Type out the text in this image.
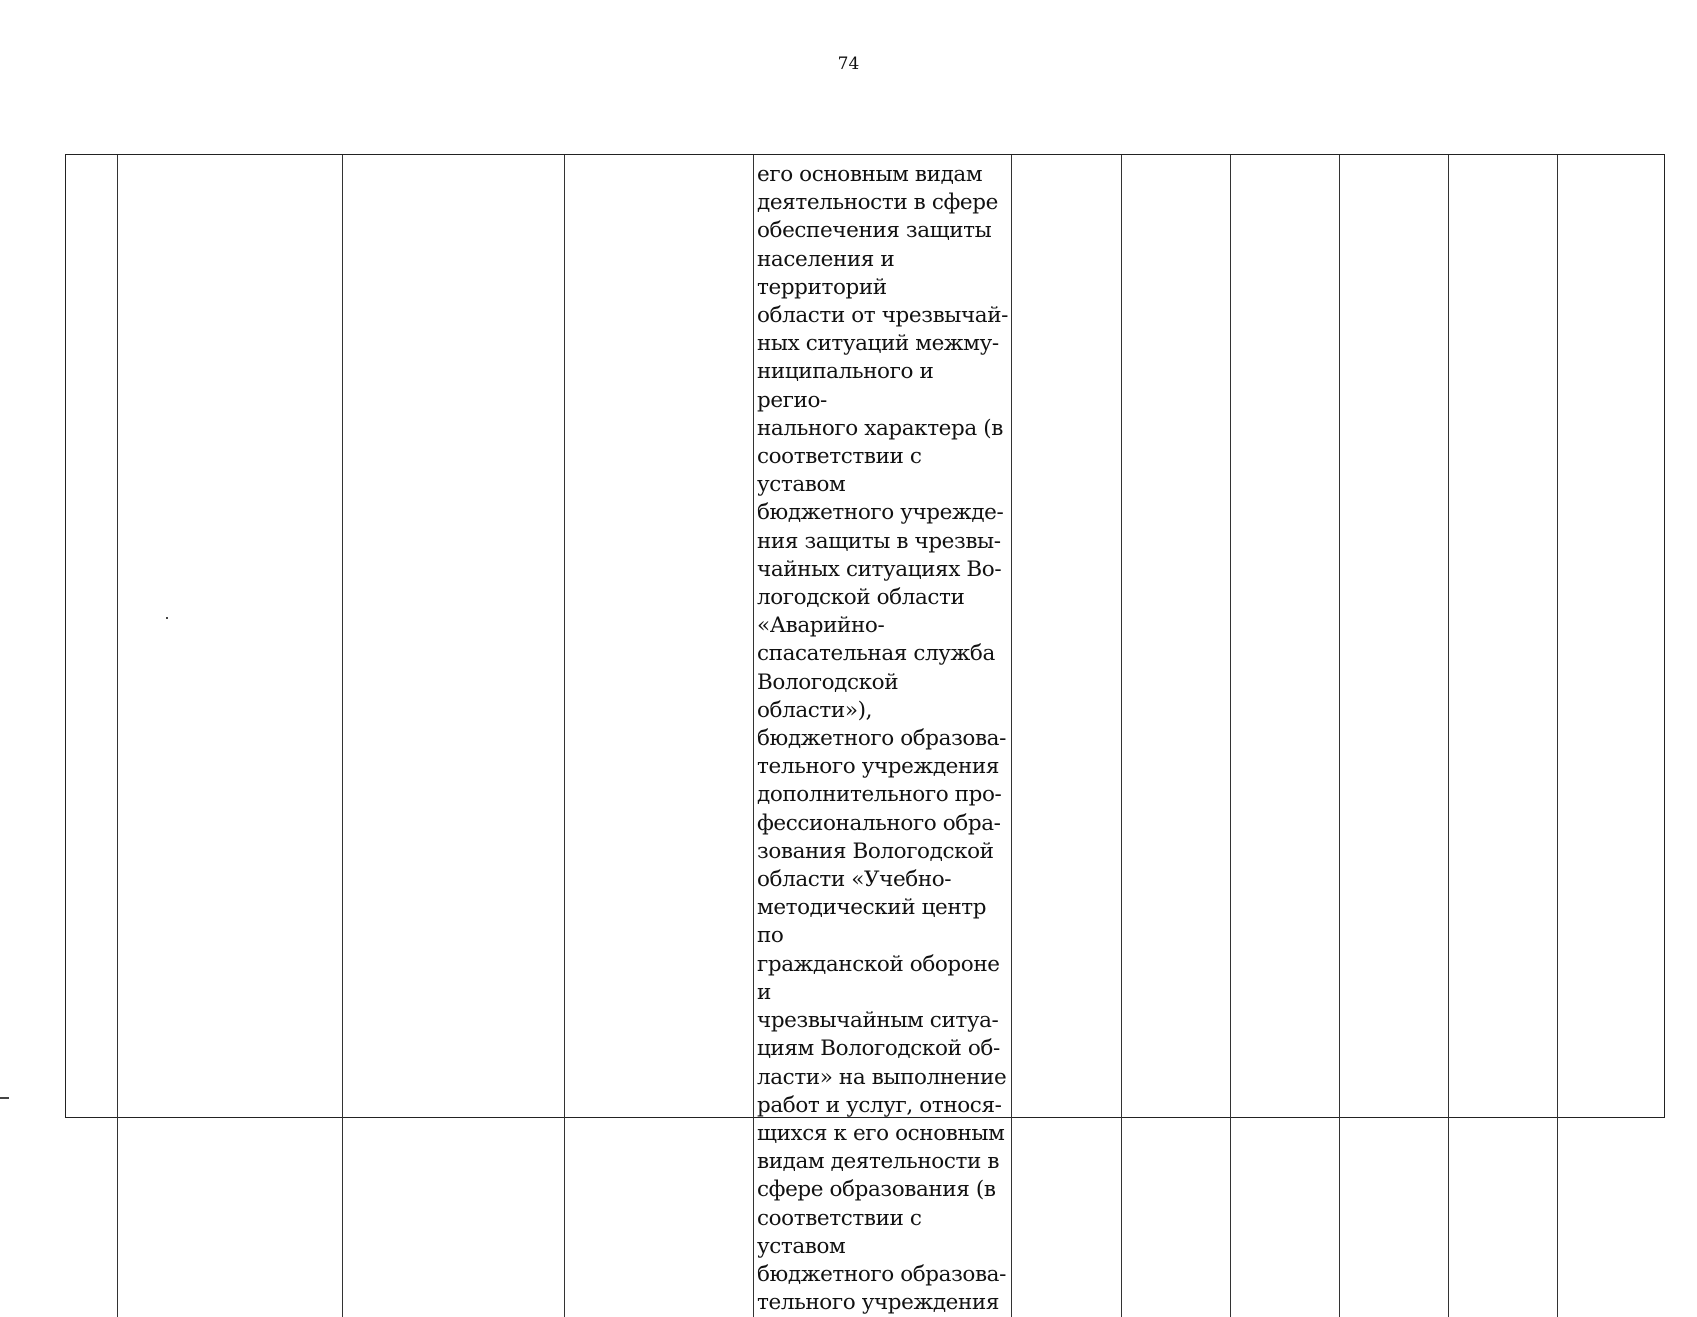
74
его основным видам
деятельности в сфере
обеспечения защиты
населения и территорий
области от чрезвычай-
ных ситуаций межму-
ниципального и регио-
нального характера (в
соответствии с уставом
бюджетного учрежде-
ния защиты в чрезвы-
чайных ситуациях Во-
логодской области
«Аварийно-
спасательная служба
Вологодской области»),
бюджетного образова-
тельного учреждения
дополнительного про-
фессионального обра-
зования Вологодской
области «Учебно-
методический центр по
гражданской обороне и
чрезвычайным ситуа-
циям Вологодской об-
ласти» на выполнение
работ и услуг, относя-
щихся к его основным
видам деятельности в
сфере образования (в
соответствии с уставом
бюджетного образова-
тельного учреждения
